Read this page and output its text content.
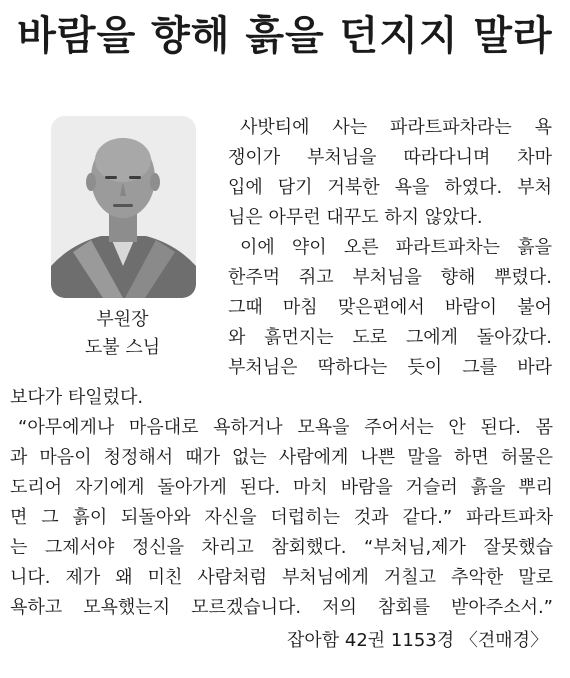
바람을 향해 흙을 던지지 말라
부원장
도불 스님

사밧티에 사는 파라트파차라는 욕

쟁이가 부처님을 따라다니며 차마

입에 담기 거북한 욕을 하였다. 부처

님은 아무런 대꾸도 하지 않았다.

이에 약이 오른 파라트파차는 흙을

한주먹 쥐고 부처님을 향해 뿌렸다.

그때 마침 맞은편에서 바람이 불어

와 흙먼지는 도로 그에게 돌아갔다.

부처님은 딱하다는 듯이 그를 바라

보다가 타일렀다.

“아무에게나 마음대로 욕하거나 모욕을 주어서는 안 된다. 몸

과 마음이 청정해서 때가 없는 사람에게 나쁜 말을 하면 허물은

도리어 자기에게 돌아가게 된다. 마치 바람을 거슬러 흙을 뿌리

면 그 흙이 되돌아와 자신을 더럽히는 것과 같다.” 파라트파차

는 그제서야 정신을 차리고 참회했다. “부처님,제가 잘못했습

니다. 제가 왜 미친 사람처럼 부처님에게 거칠고 추악한 말로

욕하고 모욕했는지 모르겠습니다. 저의 참회를 받아주소서.”

잡아함 42권 1153경 〈견매경〉
